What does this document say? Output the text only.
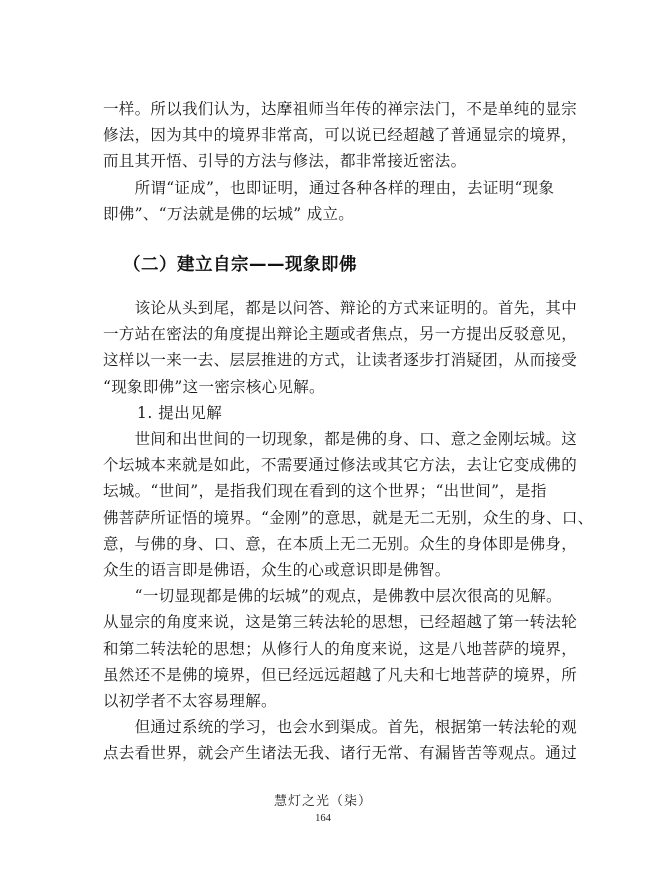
一样。所以我们认为，达摩祖师当年传的禅宗法门，不是单纯的显宗
修法，因为其中的境界非常高，可以说已经超越了普通显宗的境界，
而且其开悟、引导的方法与修法，都非常接近密法。

　　所谓“证成”，也即证明，通过各种各样的理由，去证明“现象
即佛”、“万法就是佛的坛城” 成立。

（二）建立自宗——现象即佛

　　该论从头到尾，都是以问答、辩论的方式来证明的。首先，其中
一方站在密法的角度提出辩论主题或者焦点，另一方提出反驳意见，
这样以一来一去、层层推进的方式，让读者逐步打消疑团，从而接受
“现象即佛”这一密宗核心见解。

1. 提出见解

　　世间和出世间的一切现象，都是佛的身、口、意之金刚坛城。这
个坛城本来就是如此，不需要通过修法或其它方法，去让它变成佛的
坛城。“世间”，是指我们现在看到的这个世界；“出世间”，是指
佛菩萨所证悟的境界。“金刚”的意思，就是无二无别，众生的身、口、
意，与佛的身、口、意，在本质上无二无别。众生的身体即是佛身，
众生的语言即是佛语，众生的心或意识即是佛智。

　　“一切显现都是佛的坛城”的观点，是佛教中层次很高的见解。
从显宗的角度来说，这是第三转法轮的思想，已经超越了第一转法轮
和第二转法轮的思想；从修行人的角度来说，这是八地菩萨的境界，
虽然还不是佛的境界，但已经远远超越了凡夫和七地菩萨的境界，所
以初学者不太容易理解。

　　但通过系统的学习，也会水到渠成。首先，根据第一转法轮的观
点去看世界，就会产生诸法无我、诸行无常、有漏皆苦等观点。通过

慧灯之光（柒）
164
